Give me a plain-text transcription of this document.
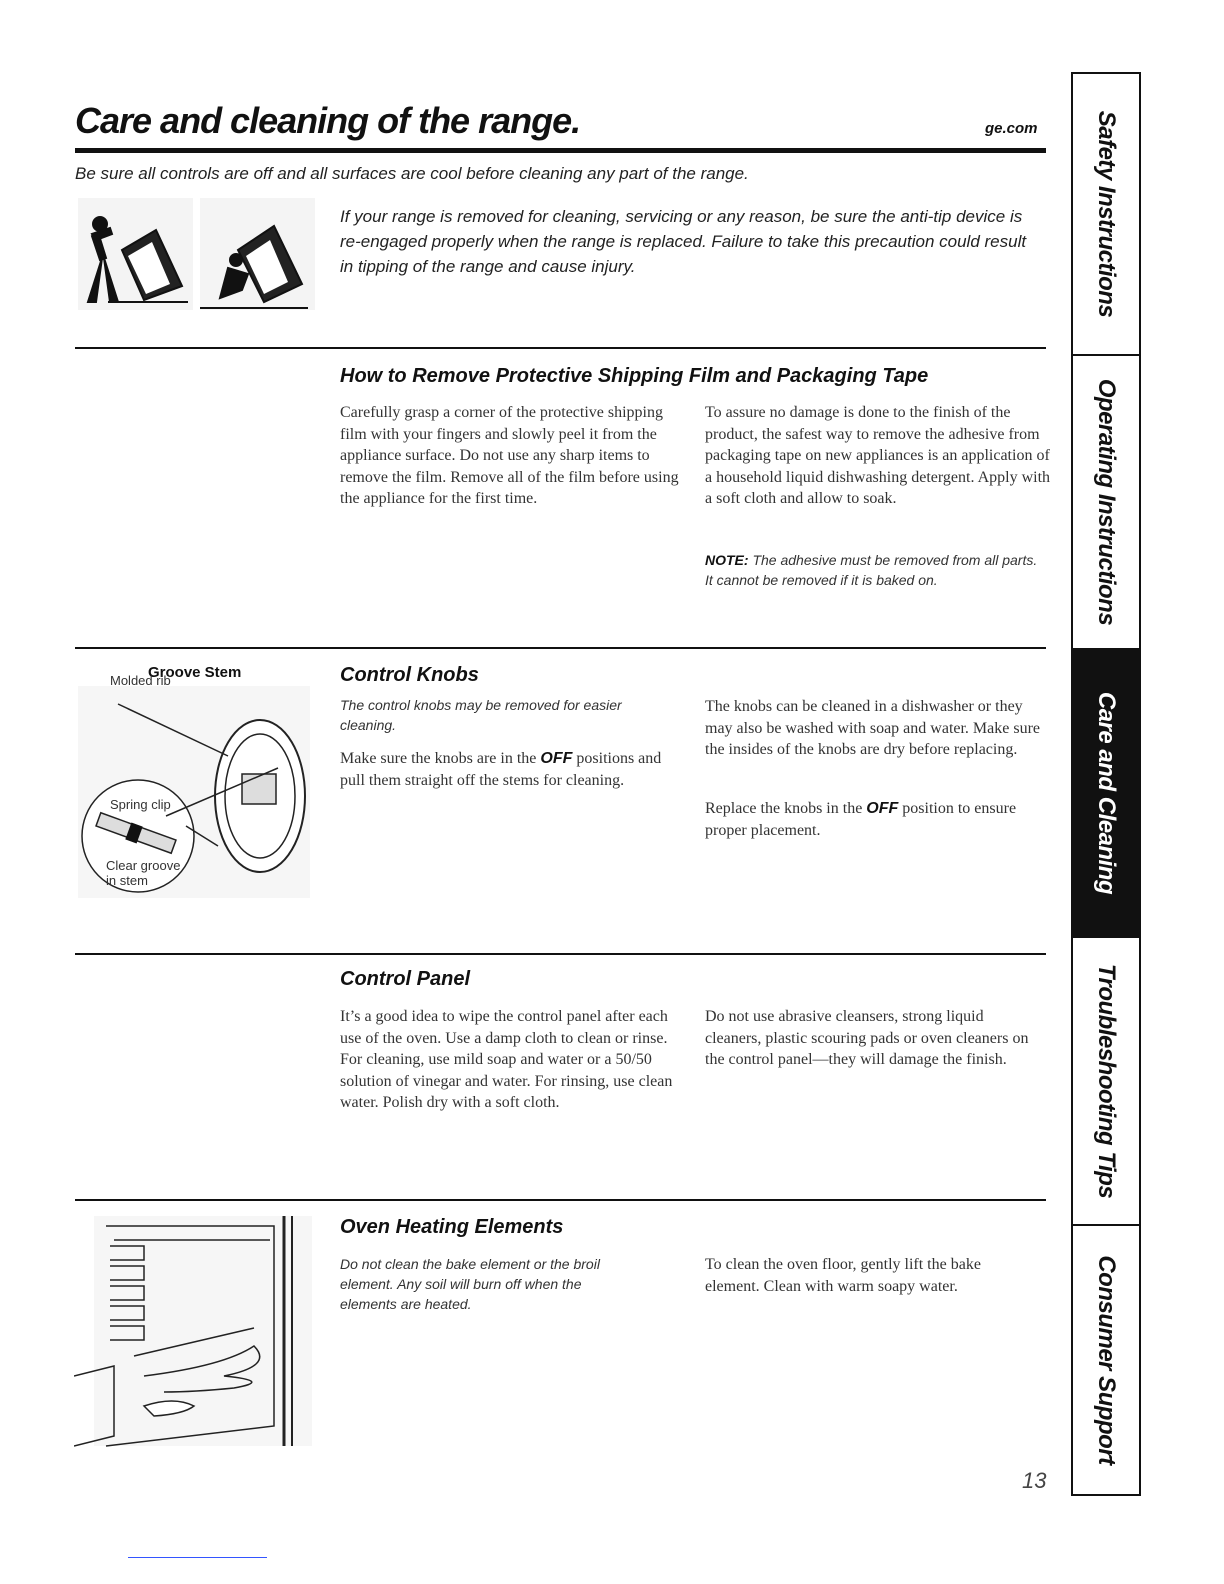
Care and cleaning of the range.	ge.com
Be sure all controls are off and all surfaces are cool before cleaning any part of the range.
If your range is removed for cleaning, servicing or any reason, be sure the anti-tip device is re-engaged properly when the range is replaced. Failure to take this precaution could result in tipping of the range and cause injury.
How to Remove Protective Shipping Film and Packaging Tape

Carefully grasp a corner of the protective shipping film with your fingers and slowly peel it from the appliance surface. Do not use any sharp items to remove the film. Remove all of the film before using the appliance for the first time.

To assure no damage is done to the finish of the product, the safest way to remove the adhesive from packaging tape on new appliances is an application of a household liquid dishwashing detergent. Apply with a soft cloth and allow to soak.

NOTE: The adhesive must be removed from all parts. It cannot be removed if it is baked on.

Groove Stem
Molded rib
Spring clip
Clear groove
in stem
Control Knobs

The control knobs may be removed for easier cleaning.

Make sure the knobs are in the OFF positions and pull them straight off the stems for cleaning.

The knobs can be cleaned in a dishwasher or they may also be washed with soap and water. Make sure the insides of the knobs are dry before replacing.

Replace the knobs in the OFF position to ensure proper placement.

Control Panel

It’s a good idea to wipe the control panel after each use of the oven. Use a damp cloth to clean or rinse. For cleaning, use mild soap and water or a 50/50 solution of vinegar and water. For rinsing, use clean water. Polish dry with a soft cloth.

Do not use abrasive cleansers, strong liquid cleaners, plastic scouring pads or oven cleaners on the control panel—they will damage the finish.

Oven Heating Elements

Do not clean the bake element or the broil element. Any soil will burn off when the elements are heated.

To clean the oven floor, gently lift the bake element. Clean with warm soapy water.

Safety Instructions
Operating Instructions
Care and Cleaning
Troubleshooting Tips
Consumer Support
13
